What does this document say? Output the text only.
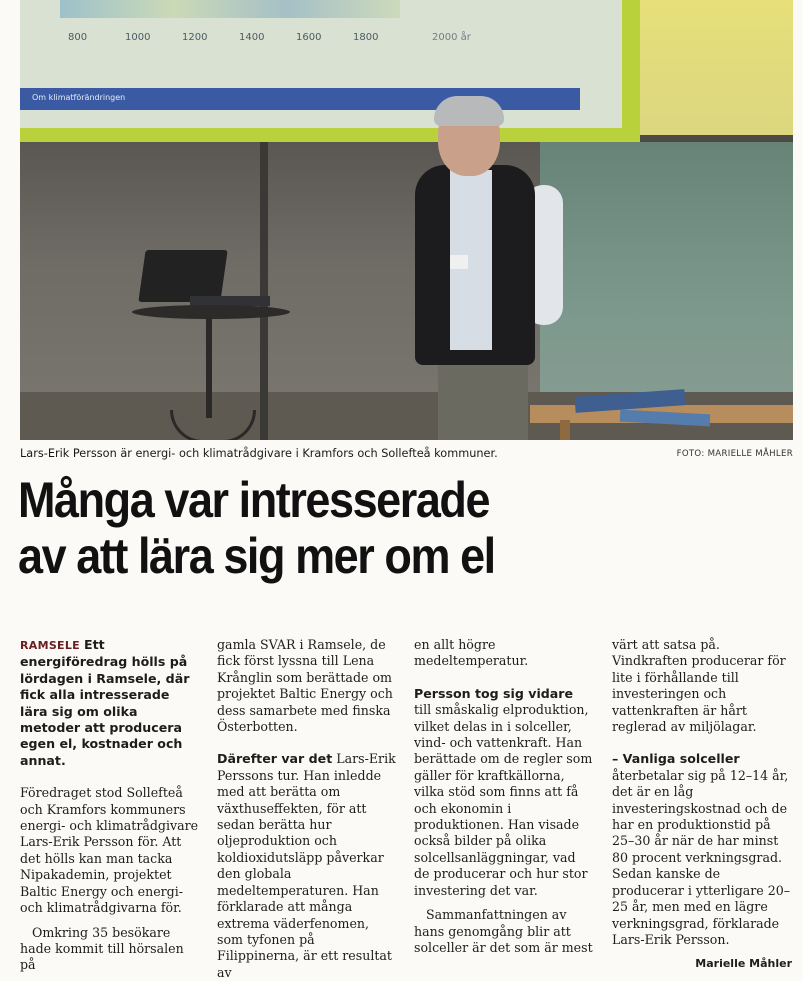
800	1000	1200	1400	1600	1800	2000 år
Om klimatförändringen
Lars-Erik Persson är energi- och klimatrådgivare i Kramfors och Sollefteå kommuner.	FOTO: MARIELLE MÅHLER
Många var intresserade
av att lära sig mer om el

RAMSELE Ett energiföredrag hölls på lördagen i Ramsele, där fick alla intresserade lära sig om olika metoder att producera egen el, kostnader och annat.

Föredraget stod Sollefteå och Kramfors kommuners energi- och klimatrådgivare Lars-Erik Persson för. Att det hölls kan man tacka Nipakademin, projektet Baltic Energy och energi- och klimatrådgivarna för.

Omkring 35 besökare hade kommit till hörsalen på

gamla SVAR i Ramsele, de fick först lyssna till Lena Krånglin som berättade om projektet Baltic Energy och dess samarbete med finska Österbotten.

Därefter var det Lars-Erik Perssons tur. Han inledde med att berätta om växthuseffekten, för att sedan berätta hur oljeproduktion och koldioxidutsläpp påverkar den globala medeltemperaturen. Han förklarade att många extrema väderfenomen, som tyfonen på Filippinerna, är ett resultat av

en allt högre medeltemperatur.

Persson tog sig vidare till småskalig elproduktion, vilket delas in i solceller, vind- och vattenkraft. Han berättade om de regler som gäller för kraftkällorna, vilka stöd som finns att få och ekonomin i produktionen. Han visade också bilder på olika solcellsanläggningar, vad de producerar och hur stor investering det var.

Sammanfattningen av hans genomgång blir att solceller är det som är mest

värt att satsa på. Vindkraften producerar för lite i förhållande till investeringen och vattenkraften är hårt reglerad av miljölagar.

– Vanliga solceller återbetalar sig på 12–14 år, det är en låg investeringskostnad och de har en produktionstid på 25–30 år när de har minst 80 procent verkningsgrad. Sedan kanske de producerar i ytterligare 20–25 år, men med en lägre verkningsgrad, förklarade Lars-Erik Persson.

Marielle Måhler
